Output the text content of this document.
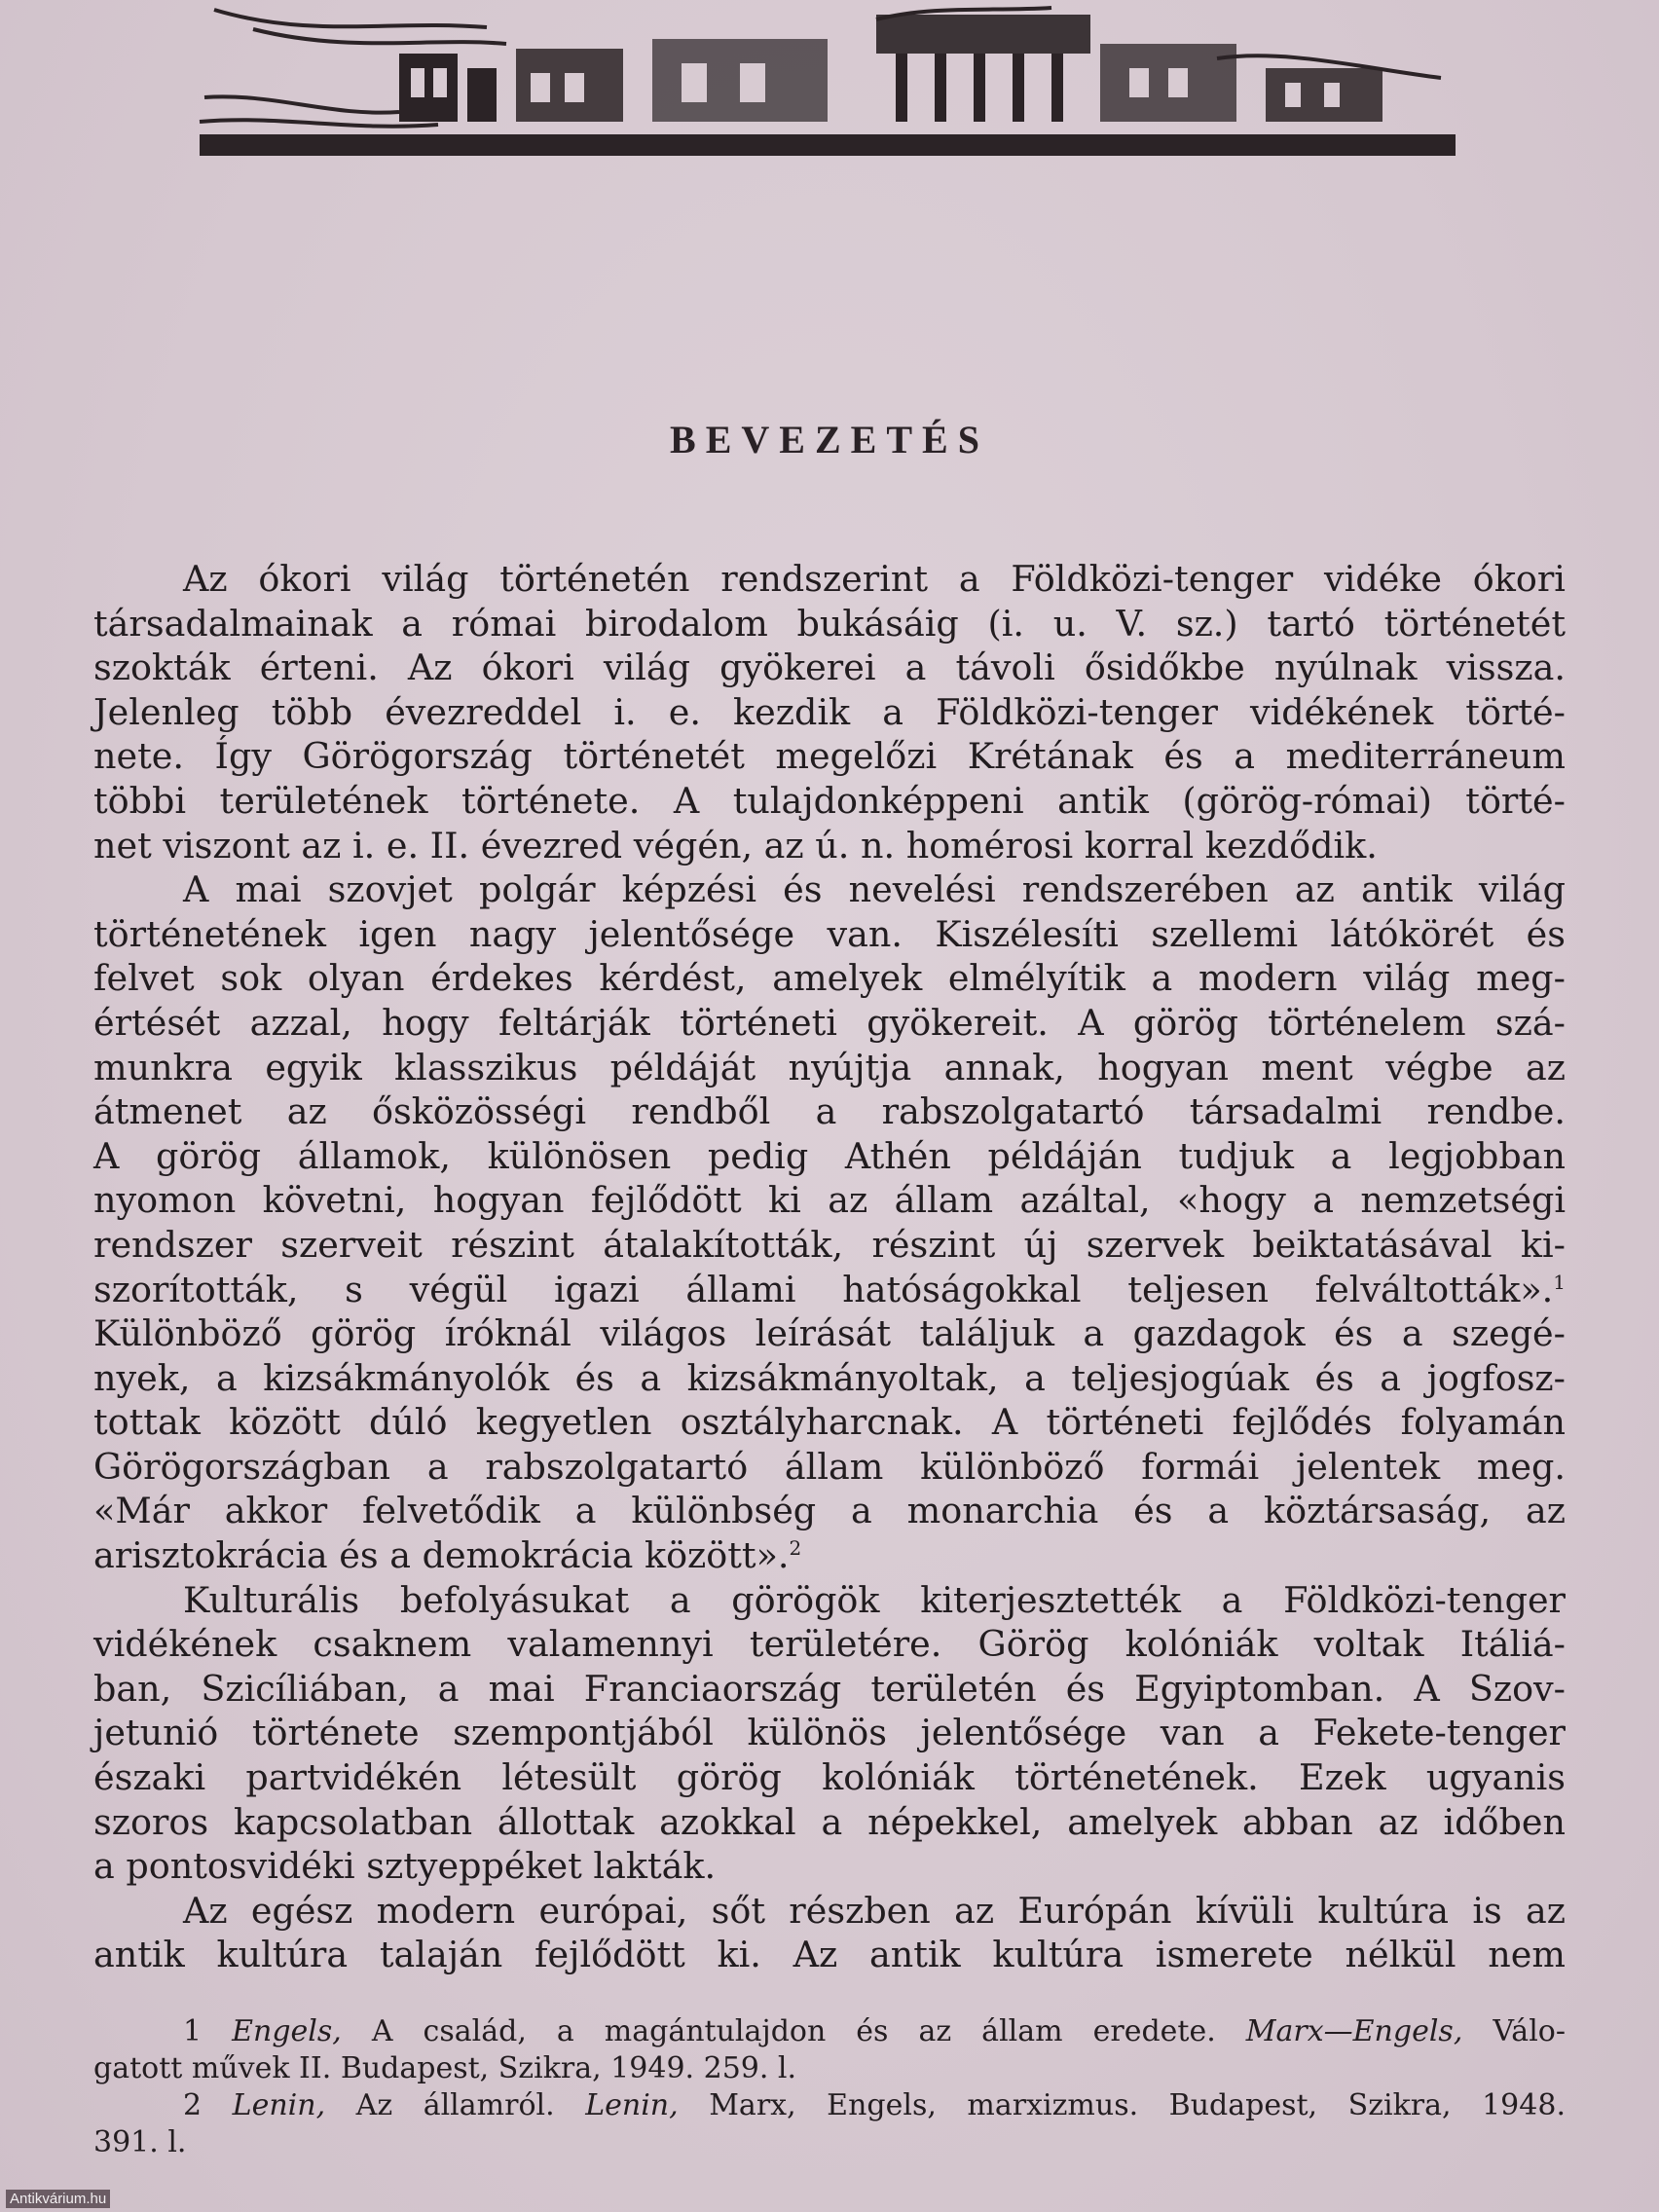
BEVEZETÉS
Az ókori világ történetén rendszerint a Földközi-tenger vidéke ókori
társadalmainak a római birodalom bukásáig (i. u. V. sz.) tartó történetét
szokták érteni. Az ókori világ gyökerei a távoli ősidőkbe nyúlnak vissza.
Jelenleg több évezreddel i. e. kezdik a Földközi-tenger vidékének törté-
nete. Így Görögország történetét megelőzi Krétának és a mediterráneum
többi területének története. A tulajdonképpeni antik (görög-római) törté-
net viszont az i. e. II. évezred végén, az ú. n. homérosi korral kezdődik.
A mai szovjet polgár képzési és nevelési rendszerében az antik világ
történetének igen nagy jelentősége van. Kiszélesíti szellemi látókörét és
felvet sok olyan érdekes kérdést, amelyek elmélyítik a modern világ meg-
értését azzal, hogy feltárják történeti gyökereit. A görög történelem szá-
munkra egyik klasszikus példáját nyújtja annak, hogyan ment végbe az
átmenet az ősközösségi rendből a rabszolgatartó társadalmi rendbe.
A görög államok, különösen pedig Athén példáján tudjuk a legjobban
nyomon követni, hogyan fejlődött ki az állam azáltal, «hogy a nemzetségi
rendszer szerveit részint átalakították, részint új szervek beiktatásával ki-
szorították, s végül igazi állami hatóságokkal teljesen felváltották».$^1$
Különböző görög íróknál világos leírását találjuk a gazdagok és a szegé-
nyek, a kizsákmányolók és a kizsákmányoltak, a teljesjogúak és a jogfosz-
tottak között dúló kegyetlen osztályharcnak. A történeti fejlődés folyamán
Görögországban a rabszolgatartó állam különböző formái jelentek meg.
«Már akkor felvetődik a különbség a monarchia és a köztársaság, az
arisztokrácia és a demokrácia között».$^2$
Kulturális befolyásukat a görögök kiterjesztették a Földközi-tenger
vidékének csaknem valamennyi területére. Görög kolóniák voltak Itáliá-
ban, Szicíliában, a mai Franciaország területén és Egyiptomban. A Szov-
jetunió története szempontjából különös jelentősége van a Fekete-tenger
északi partvidékén létesült görög kolóniák történetének. Ezek ugyanis
szoros kapcsolatban állottak azokkal a népekkel, amelyek abban az időben
a pontosvidéki sztyeppéket lakták.
Az egész modern európai, sőt részben az Európán kívüli kultúra is az
antik kultúra talaján fejlődött ki. Az antik kultúra ismerete nélkül nem
1 Engels, A család, a magántulajdon és az állam eredete. Marx—Engels, Válo-
gatott művek II. Budapest, Szikra, 1949. 259. l.
2 Lenin, Az államról. Lenin, Marx, Engels, marxizmus. Budapest, Szikra, 1948.
391. l.
Antikvárium.hu
